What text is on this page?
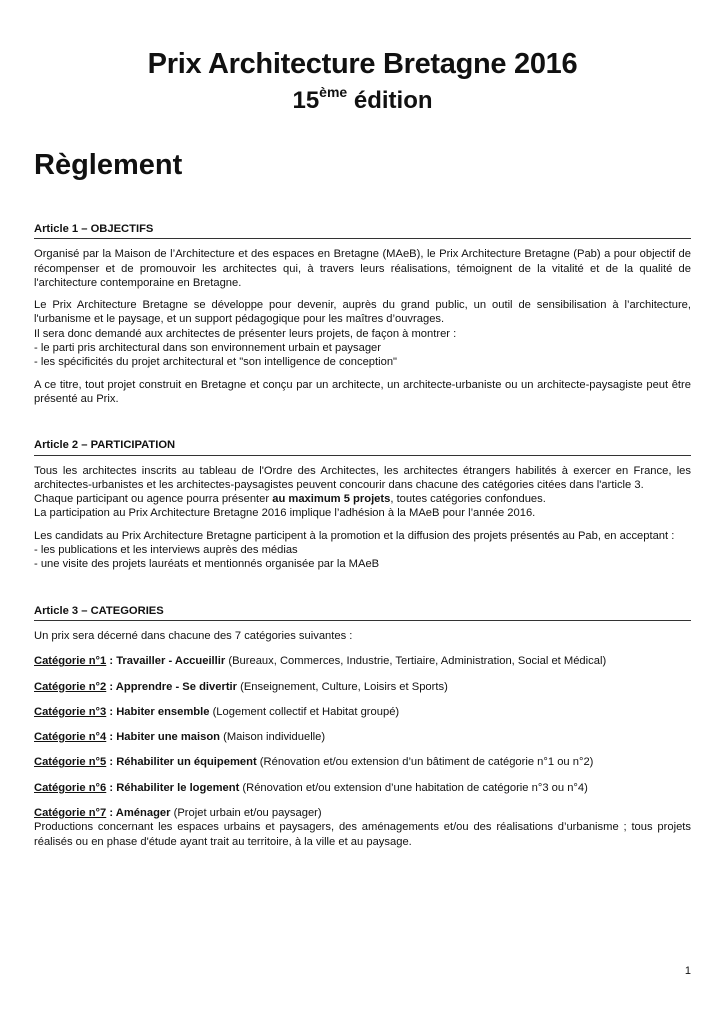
Prix Architecture Bretagne 2016
15ème édition
Règlement
Article 1 – OBJECTIFS

Organisé par la Maison de l’Architecture et des espaces en Bretagne (MAeB), le Prix Architecture Bretagne (Pab) a pour objectif de récompenser et de promouvoir les architectes qui, à travers leurs réalisations, témoignent de la vitalité et de la qualité de l'architecture contemporaine en Bretagne.

Le Prix Architecture Bretagne se développe pour devenir, auprès du grand public, un outil de sensibilisation à l’architecture, l'urbanisme et le paysage, et un support pédagogique pour les maîtres d’ouvrages.
Il sera donc demandé aux architectes de présenter leurs projets, de façon à montrer :
- le parti pris architectural dans son environnement urbain et paysager
- les spécificités du projet architectural et "son intelligence de conception"

A ce titre, tout projet construit en Bretagne et conçu par un architecte, un architecte-urbaniste ou un architecte-paysagiste peut être présenté au Prix.

Article 2 – PARTICIPATION
Tous les architectes inscrits au tableau de l'Ordre des Architectes, les architectes étrangers habilités à exercer en France, les architectes-urbanistes et les architectes-paysagistes peuvent concourir dans chacune des catégories citées dans l'article 3.
Chaque participant ou agence pourra présenter au maximum 5 projets, toutes catégories confondues.
La participation au Prix Architecture Bretagne 2016 implique l’adhésion à la MAeB pour l’année 2016.
Les candidats au Prix Architecture Bretagne participent à la promotion et la diffusion des projets présentés au Pab, en acceptant :
- les publications et les interviews auprès des médias
- une visite des projets lauréats et mentionnés organisée par la MAeB
Article 3 – CATEGORIES

Un prix sera décerné dans chacune des 7 catégories suivantes :

Catégorie n°1 : Travailler - Accueillir (Bureaux, Commerces, Industrie, Tertiaire, Administration, Social et Médical)
Catégorie n°2 : Apprendre - Se divertir (Enseignement, Culture, Loisirs et Sports)
Catégorie n°3 : Habiter ensemble (Logement collectif et Habitat groupé)
Catégorie n°4 : Habiter une maison (Maison individuelle)
Catégorie n°5 : Réhabiliter un équipement (Rénovation et/ou extension d’un bâtiment de catégorie n°1 ou n°2)
Catégorie n°6 : Réhabiliter le logement (Rénovation et/ou extension d’une habitation de catégorie n°3 ou n°4)
Catégorie n°7 : Aménager (Projet urbain et/ou paysager)

Productions concernant les espaces urbains et paysagers, des aménagements et/ou des réalisations d’urbanisme ; tous projets réalisés ou en phase d'étude ayant trait au territoire, à la ville et au paysage.

1
